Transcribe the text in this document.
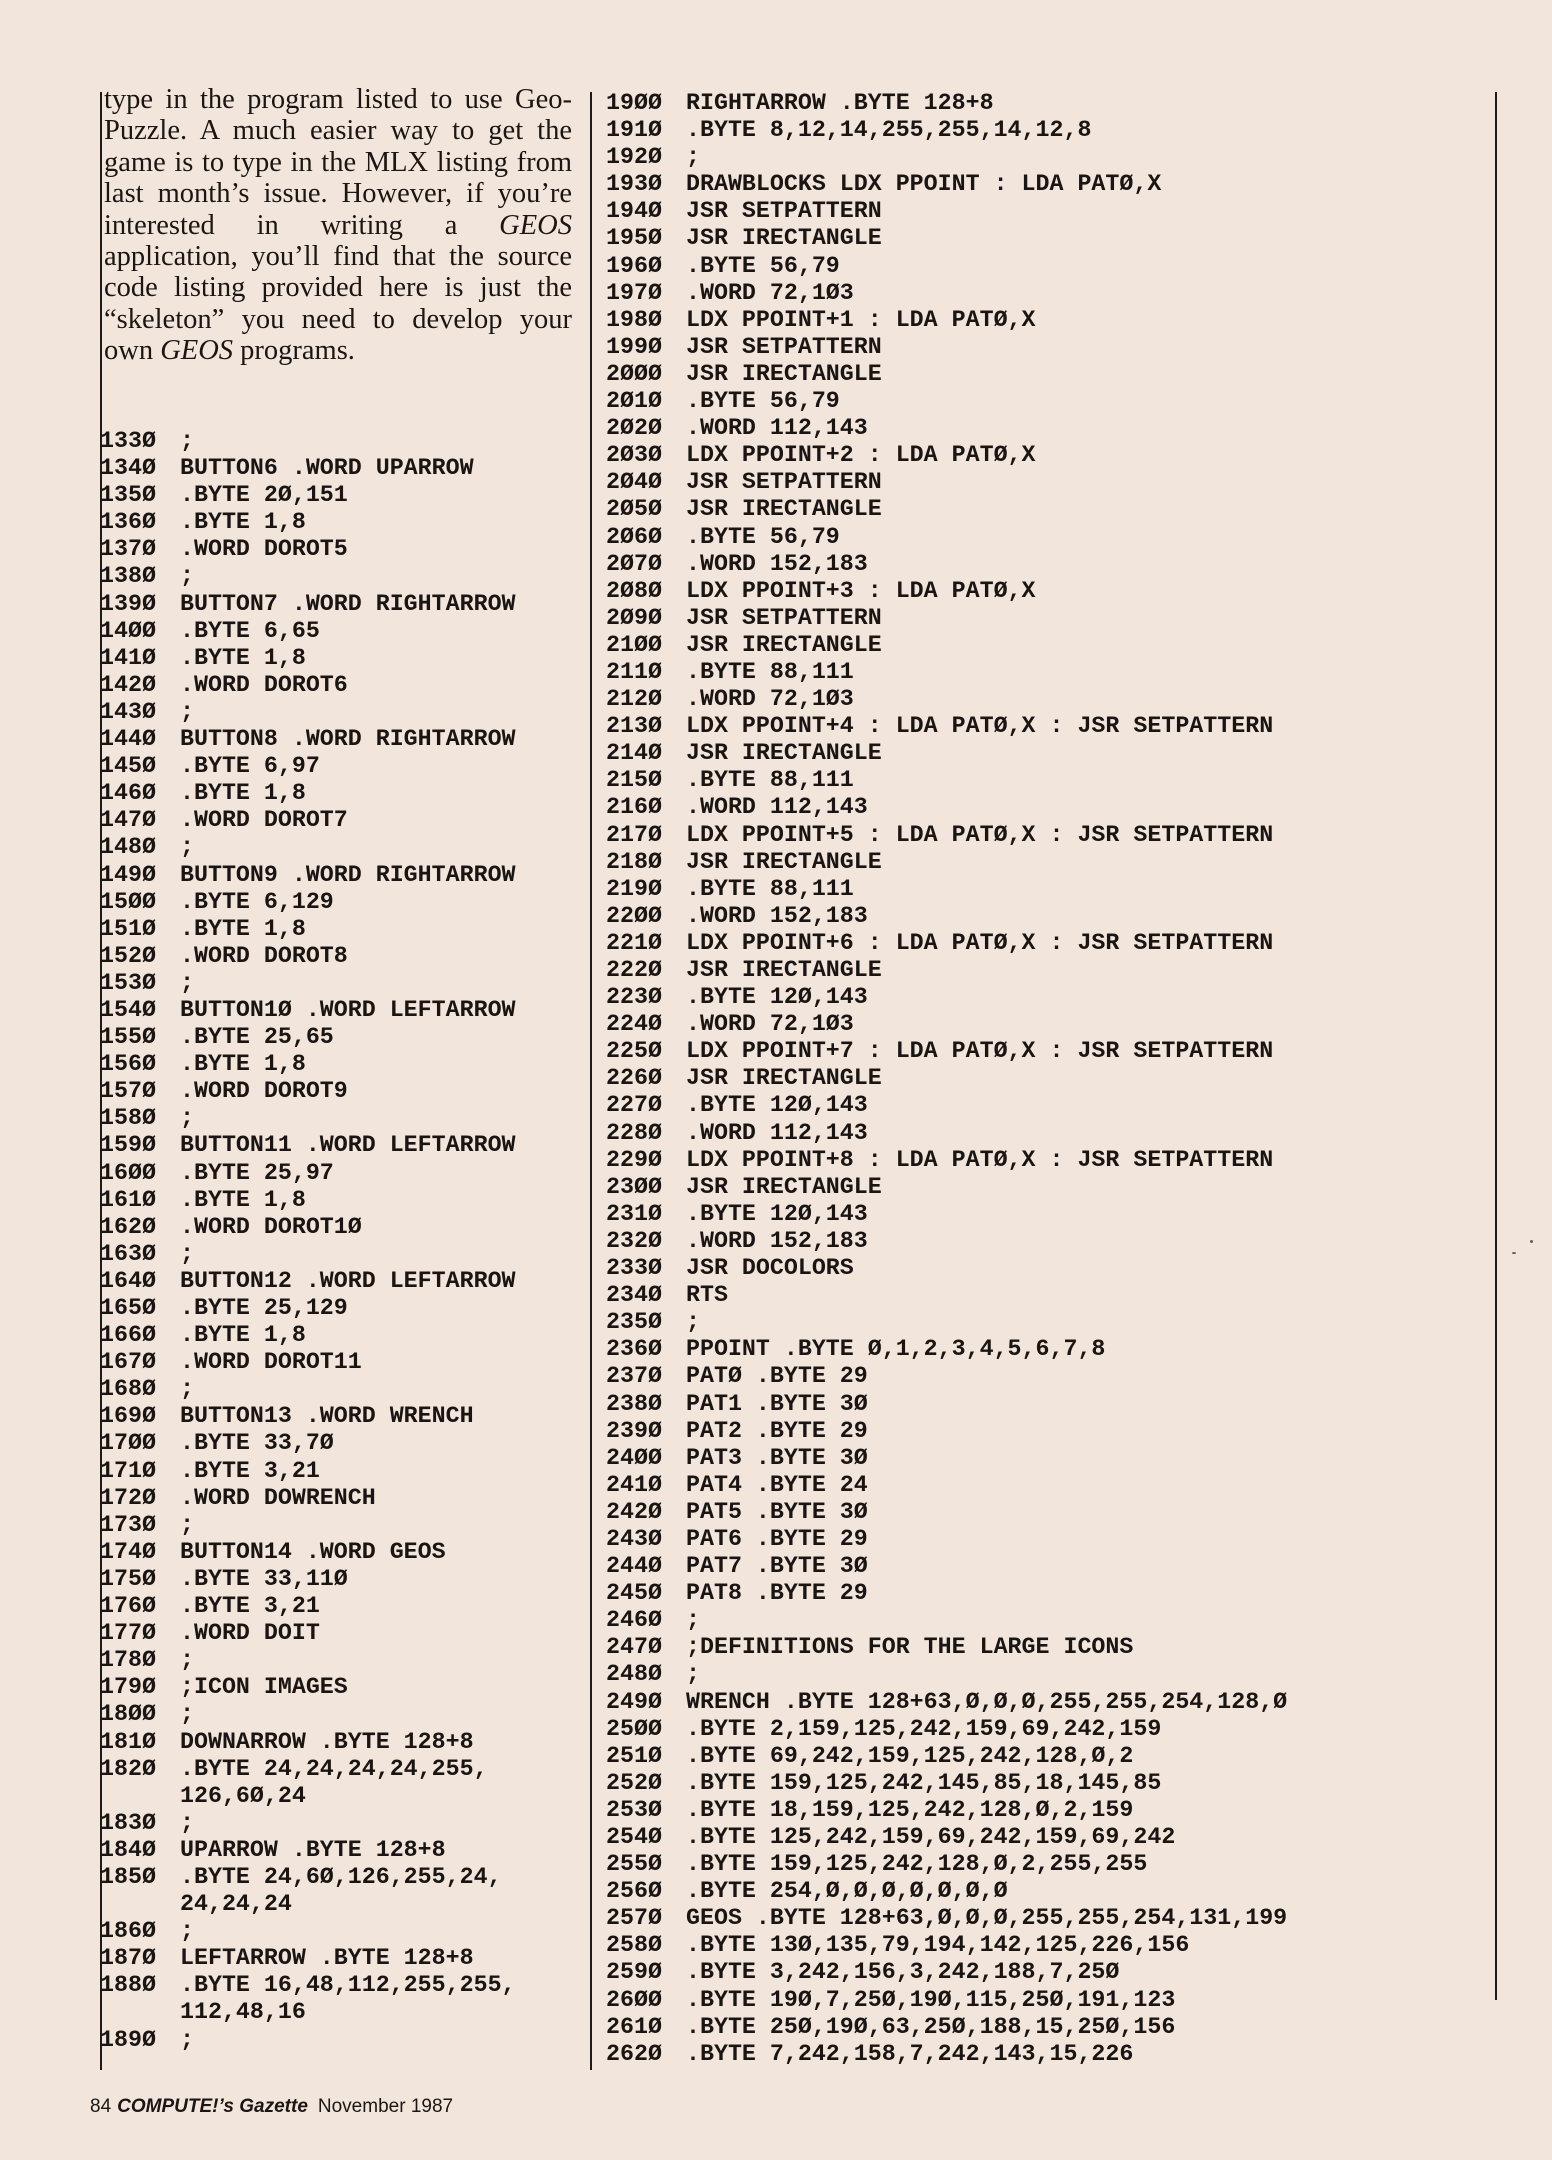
type in the program listed to use Geo-Puzzle. A much easier way to get the game is to type in the MLX listing from last month’s issue. However, if you’re interested in writing a GEOS application, you’ll find that the source code listing provided here is just the “skeleton” you need to develop your own GEOS programs.

133Ø	;
134Ø	BUTTON6 .WORD UPARROW
135Ø	.BYTE 2Ø,151
136Ø	.BYTE 1,8
137Ø	.WORD DOROT5
138Ø	;
139Ø	BUTTON7 .WORD RIGHTARROW
14ØØ	.BYTE 6,65
141Ø	.BYTE 1,8
142Ø	.WORD DOROT6
143Ø	;
144Ø	BUTTON8 .WORD RIGHTARROW
145Ø	.BYTE 6,97
146Ø	.BYTE 1,8
147Ø	.WORD DOROT7
148Ø	;
149Ø	BUTTON9 .WORD RIGHTARROW
15ØØ	.BYTE 6,129
151Ø	.BYTE 1,8
152Ø	.WORD DOROT8
153Ø	;
154Ø	BUTTON1Ø .WORD LEFTARROW
155Ø	.BYTE 25,65
156Ø	.BYTE 1,8
157Ø	.WORD DOROT9
158Ø	;
159Ø	BUTTON11 .WORD LEFTARROW
16ØØ	.BYTE 25,97
161Ø	.BYTE 1,8
162Ø	.WORD DOROT1Ø
163Ø	;
164Ø	BUTTON12 .WORD LEFTARROW
165Ø	.BYTE 25,129
166Ø	.BYTE 1,8
167Ø	.WORD DOROT11
168Ø	;
169Ø	BUTTON13 .WORD WRENCH
17ØØ	.BYTE 33,7Ø
171Ø	.BYTE 3,21
172Ø	.WORD DOWRENCH
173Ø	;
174Ø	BUTTON14 .WORD GEOS
175Ø	.BYTE 33,11Ø
176Ø	.BYTE 3,21
177Ø	.WORD DOIT
178Ø	;
179Ø	;ICON IMAGES
18ØØ	;
181Ø	DOWNARROW .BYTE 128+8
182Ø	.BYTE 24,24,24,24,255,
126,6Ø,24
183Ø	;
184Ø	UPARROW .BYTE 128+8
185Ø	.BYTE 24,6Ø,126,255,24,
24,24,24
186Ø	;
187Ø	LEFTARROW .BYTE 128+8
188Ø	.BYTE 16,48,112,255,255,
112,48,16
189Ø	;
19ØØ	RIGHTARROW .BYTE 128+8
191Ø	.BYTE 8,12,14,255,255,14,12,8
192Ø	;
193Ø	DRAWBLOCKS LDX PPOINT : LDA PATØ,X
194Ø	JSR SETPATTERN
195Ø	JSR IRECTANGLE
196Ø	.BYTE 56,79
197Ø	.WORD 72,1Ø3
198Ø	LDX PPOINT+1 : LDA PATØ,X
199Ø	JSR SETPATTERN
2ØØØ	JSR IRECTANGLE
2Ø1Ø	.BYTE 56,79
2Ø2Ø	.WORD 112,143
2Ø3Ø	LDX PPOINT+2 : LDA PATØ,X
2Ø4Ø	JSR SETPATTERN
2Ø5Ø	JSR IRECTANGLE
2Ø6Ø	.BYTE 56,79
2Ø7Ø	.WORD 152,183
2Ø8Ø	LDX PPOINT+3 : LDA PATØ,X
2Ø9Ø	JSR SETPATTERN
21ØØ	JSR IRECTANGLE
211Ø	.BYTE 88,111
212Ø	.WORD 72,1Ø3
213Ø	LDX PPOINT+4 : LDA PATØ,X : JSR SETPATTERN
214Ø	JSR IRECTANGLE
215Ø	.BYTE 88,111
216Ø	.WORD 112,143
217Ø	LDX PPOINT+5 : LDA PATØ,X : JSR SETPATTERN
218Ø	JSR IRECTANGLE
219Ø	.BYTE 88,111
22ØØ	.WORD 152,183
221Ø	LDX PPOINT+6 : LDA PATØ,X : JSR SETPATTERN
222Ø	JSR IRECTANGLE
223Ø	.BYTE 12Ø,143
224Ø	.WORD 72,1Ø3
225Ø	LDX PPOINT+7 : LDA PATØ,X : JSR SETPATTERN
226Ø	JSR IRECTANGLE
227Ø	.BYTE 12Ø,143
228Ø	.WORD 112,143
229Ø	LDX PPOINT+8 : LDA PATØ,X : JSR SETPATTERN
23ØØ	JSR IRECTANGLE
231Ø	.BYTE 12Ø,143
232Ø	.WORD 152,183
233Ø	JSR DOCOLORS
234Ø	RTS
235Ø	;
236Ø	PPOINT .BYTE Ø,1,2,3,4,5,6,7,8
237Ø	PATØ .BYTE 29
238Ø	PAT1 .BYTE 3Ø
239Ø	PAT2 .BYTE 29
24ØØ	PAT3 .BYTE 3Ø
241Ø	PAT4 .BYTE 24
242Ø	PAT5 .BYTE 3Ø
243Ø	PAT6 .BYTE 29
244Ø	PAT7 .BYTE 3Ø
245Ø	PAT8 .BYTE 29
246Ø	;
247Ø	;DEFINITIONS FOR THE LARGE ICONS
248Ø	;
249Ø	WRENCH .BYTE 128+63,Ø,Ø,Ø,255,255,254,128,Ø
25ØØ	.BYTE 2,159,125,242,159,69,242,159
251Ø	.BYTE 69,242,159,125,242,128,Ø,2
252Ø	.BYTE 159,125,242,145,85,18,145,85
253Ø	.BYTE 18,159,125,242,128,Ø,2,159
254Ø	.BYTE 125,242,159,69,242,159,69,242
255Ø	.BYTE 159,125,242,128,Ø,2,255,255
256Ø	.BYTE 254,Ø,Ø,Ø,Ø,Ø,Ø,Ø
257Ø	GEOS .BYTE 128+63,Ø,Ø,Ø,255,255,254,131,199
258Ø	.BYTE 13Ø,135,79,194,142,125,226,156
259Ø	.BYTE 3,242,156,3,242,188,7,25Ø
26ØØ	.BYTE 19Ø,7,25Ø,19Ø,115,25Ø,191,123
261Ø	.BYTE 25Ø,19Ø,63,25Ø,188,15,25Ø,156
262Ø	.BYTE 7,242,158,7,242,143,15,226
84 COMPUTE!’s Gazette November 1987
